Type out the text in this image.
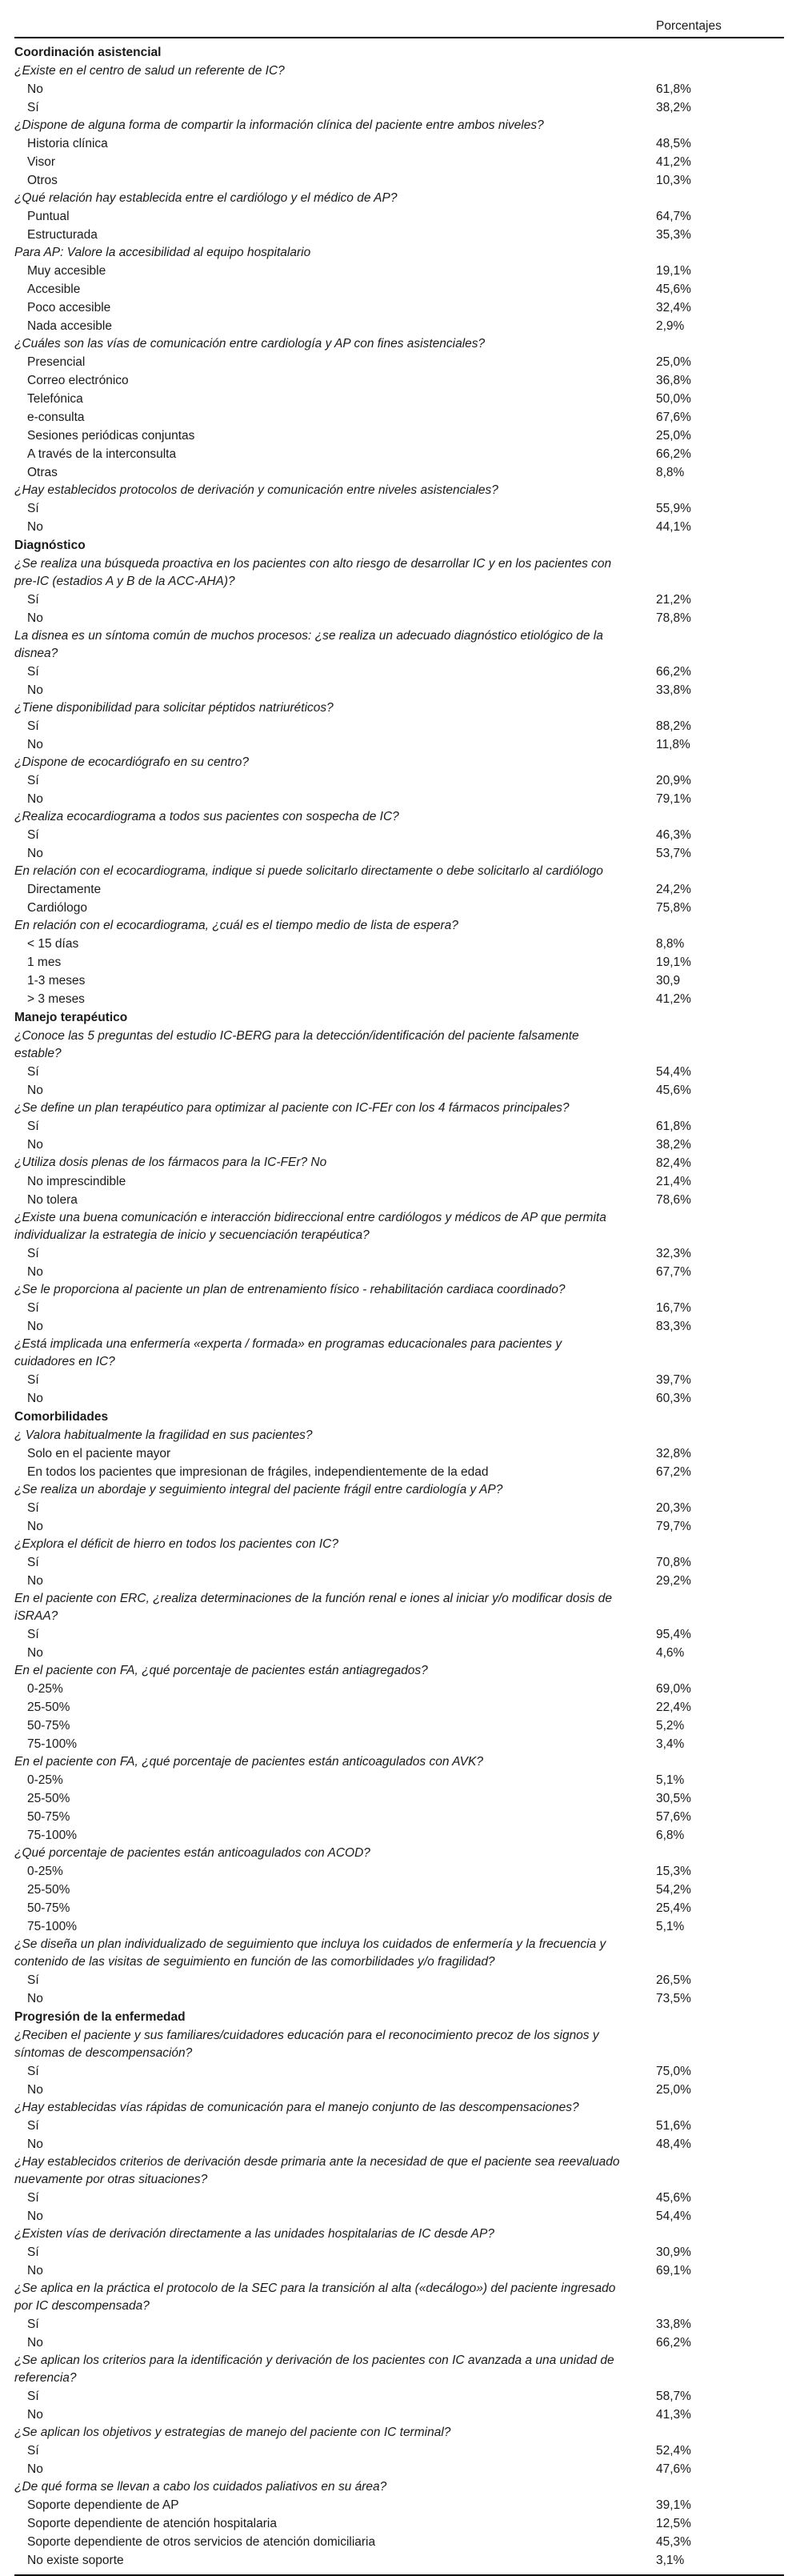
Porcentajes
Coordinación asistencial
¿Existe en el centro de salud un referente de IC?
No	61,8%
Sí	38,2%
¿Dispone de alguna forma de compartir la información clínica del paciente entre ambos niveles?
Historia clínica	48,5%
Visor	41,2%
Otros	10,3%
¿Qué relación hay establecida entre el cardiólogo y el médico de AP?
Puntual	64,7%
Estructurada	35,3%
Para AP: Valore la accesibilidad al equipo hospitalario
Muy accesible	19,1%
Accesible	45,6%
Poco accesible	32,4%
Nada accesible	2,9%
¿Cuáles son las vías de comunicación entre cardiología y AP con fines asistenciales?
Presencial	25,0%
Correo electrónico	36,8%
Telefónica	50,0%
e-consulta	67,6%
Sesiones periódicas conjuntas	25,0%
A través de la interconsulta	66,2%
Otras	8,8%
¿Hay establecidos protocolos de derivación y comunicación entre niveles asistenciales?
Sí	55,9%
No	44,1%
Diagnóstico
¿Se realiza una búsqueda proactiva en los pacientes con alto riesgo de desarrollar IC y en los pacientes con pre-IC (estadios A y B de la ACC-AHA)?
Sí	21,2%
No	78,8%
La disnea es un síntoma común de muchos procesos: ¿se realiza un adecuado diagnóstico etiológico de la disnea?
Sí	66,2%
No	33,8%
¿Tiene disponibilidad para solicitar péptidos natriuréticos?
Sí	88,2%
No	11,8%
¿Dispone de ecocardiógrafo en su centro?
Sí	20,9%
No	79,1%
¿Realiza ecocardiograma a todos sus pacientes con sospecha de IC?
Sí	46,3%
No	53,7%
En relación con el ecocardiograma, indique si puede solicitarlo directamente o debe solicitarlo al cardiólogo
Directamente	24,2%
Cardiólogo	75,8%
En relación con el ecocardiograma, ¿cuál es el tiempo medio de lista de espera?
< 15 días	8,8%
1 mes	19,1%
1-3 meses	30,9
> 3 meses	41,2%
Manejo terapéutico
¿Conoce las 5 preguntas del estudio IC-BERG para la detección/identificación del paciente falsamente estable?
Sí	54,4%
No	45,6%
¿Se define un plan terapéutico para optimizar al paciente con IC-FEr con los 4 fármacos principales?
Sí	61,8%
No	38,2%
¿Utiliza dosis plenas de los fármacos para la IC-FEr? No	82,4%
No imprescindible	21,4%
No tolera	78,6%
¿Existe una buena comunicación e interacción bidireccional entre cardiólogos y médicos de AP que permita individualizar la estrategia de inicio y secuenciación terapéutica?
Sí	32,3%
No	67,7%
¿Se le proporciona al paciente un plan de entrenamiento físico - rehabilitación cardiaca coordinado?
Sí	16,7%
No	83,3%
¿Está implicada una enfermería «experta / formada» en programas educacionales para pacientes y cuidadores en IC?
Sí	39,7%
No	60,3%
Comorbilidades
¿ Valora habitualmente la fragilidad en sus pacientes?
Solo en el paciente mayor	32,8%
En todos los pacientes que impresionan de frágiles, independientemente de la edad	67,2%
¿Se realiza un abordaje y seguimiento integral del paciente frágil entre cardiología y AP?
Sí	20,3%
No	79,7%
¿Explora el déficit de hierro en todos los pacientes con IC?
Sí	70,8%
No	29,2%
En el paciente con ERC, ¿realiza determinaciones de la función renal e iones al iniciar y/o modificar dosis de iSRAA?
Sí	95,4%
No	4,6%
En el paciente con FA, ¿qué porcentaje de pacientes están antiagregados?
0-25%	69,0%
25-50%	22,4%
50-75%	5,2%
75-100%	3,4%
En el paciente con FA, ¿qué porcentaje de pacientes están anticoagulados con AVK?
0-25%	5,1%
25-50%	30,5%
50-75%	57,6%
75-100%	6,8%
¿Qué porcentaje de pacientes están anticoagulados con ACOD?
0-25%	15,3%
25-50%	54,2%
50-75%	25,4%
75-100%	5,1%
¿Se diseña un plan individualizado de seguimiento que incluya los cuidados de enfermería y la frecuencia y contenido de las visitas de seguimiento en función de las comorbilidades y/o fragilidad?
Sí	26,5%
No	73,5%
Progresión de la enfermedad
¿Reciben el paciente y sus familiares/cuidadores educación para el reconocimiento precoz de los signos y síntomas de descompensación?
Sí	75,0%
No	25,0%
¿Hay establecidas vías rápidas de comunicación para el manejo conjunto de las descompensaciones?
Sí	51,6%
No	48,4%
¿Hay establecidos criterios de derivación desde primaria ante la necesidad de que el paciente sea reevaluado nuevamente por otras situaciones?
Sí	45,6%
No	54,4%
¿Existen vías de derivación directamente a las unidades hospitalarias de IC desde AP?
Sí	30,9%
No	69,1%
¿Se aplica en la práctica el protocolo de la SEC para la transición al alta («decálogo») del paciente ingresado por IC descompensada?
Sí	33,8%
No	66,2%
¿Se aplican los criterios para la identificación y derivación de los pacientes con IC avanzada a una unidad de referencia?
Sí	58,7%
No	41,3%
¿Se aplican los objetivos y estrategias de manejo del paciente con IC terminal?
Sí	52,4%
No	47,6%
¿De qué forma se llevan a cabo los cuidados paliativos en su área?
Soporte dependiente de AP	39,1%
Soporte dependiente de atención hospitalaria	12,5%
Soporte dependiente de otros servicios de atención domiciliaria	45,3%
No existe soporte	3,1%
